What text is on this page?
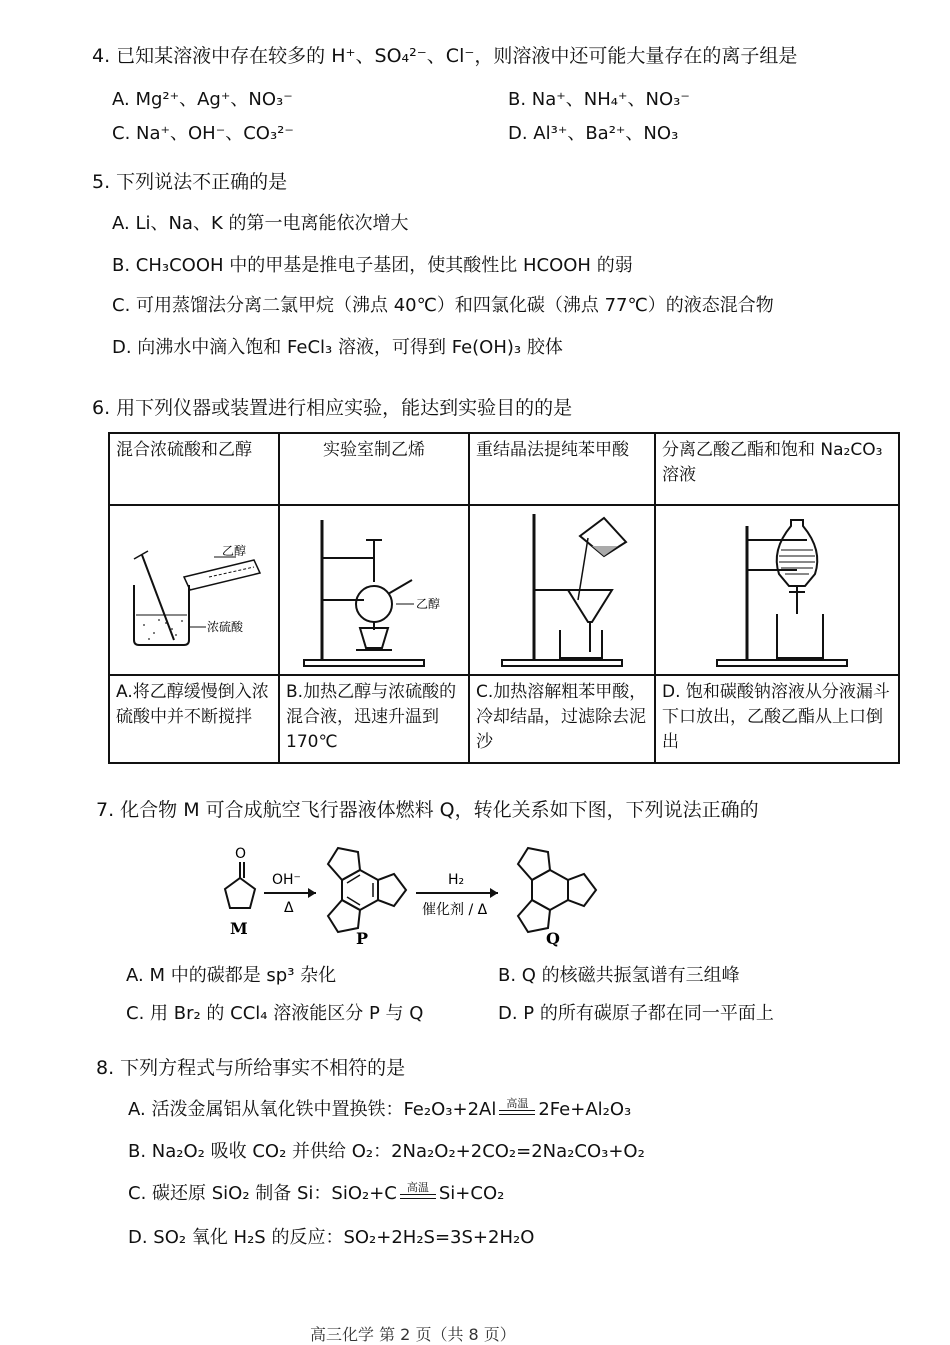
4. 已知某溶液中存在较多的 H⁺、SO₄²⁻、Cl⁻，则溶液中还可能大量存在的离子组是
A. Mg²⁺、Ag⁺、NO₃⁻	B. Na⁺、NH₄⁺、NO₃⁻
C. Na⁺、OH⁻、CO₃²⁻	D. Al³⁺、Ba²⁺、NO₃
5. 下列说法不正确的是
A. Li、Na、K 的第一电离能依次增大
B. CH₃COOH 中的甲基是推电子基团，使其酸性比 HCOOH 的弱
C. 可用蒸馏法分离二氯甲烷（沸点 40℃）和四氯化碳（沸点 77℃）的液态混合物
D. 向沸水中滴入饱和 FeCl₃ 溶液，可得到 Fe(OH)₃ 胶体
6. 用下列仪器或装置进行相应实验，能达到实验目的的是
混合浓硫酸和乙醇	实验室制乙烯	重结晶法提纯苯甲酸	分离乙酸乙酯和饱和 Na₂CO₃ 溶液

乙醇
浓硫酸	乙醇

A.将乙醇缓慢倒入浓硫酸中并不断搅拌	B.加热乙醇与浓硫酸的混合液，迅速升温到 170℃	C.加热溶解粗苯甲酸，冷却结晶，过滤除去泥沙	D. 饱和碳酸钠溶液从分液漏斗下口放出，乙酸乙酯从上口倒出
7. 化合物 M 可合成航空飞行器液体燃料 Q，转化关系如下图，下列说法正确的
O
M
OH⁻
Δ
P
H₂
催化剂 / Δ
Q
A. M 中的碳都是 sp³ 杂化	B. Q 的核磁共振氢谱有三组峰
C. 用 Br₂ 的 CCl₄ 溶液能区分 P 与 Q	D. P 的所有碳原子都在同一平面上
8. 下列方程式与所给事实不相符的是
A. 活泼金属铝从氧化铁中置换铁：Fe₂O₃+2Al 高温 2Fe+Al₂O₃
B. Na₂O₂ 吸收 CO₂ 并供给 O₂：2Na₂O₂+2CO₂=2Na₂CO₃+O₂
C. 碳还原 SiO₂ 制备 Si：SiO₂+C 高温 Si+CO₂
D. SO₂ 氧化 H₂S 的反应：SO₂+2H₂S=3S+2H₂O
高三化学 第 2 页（共 8 页）
